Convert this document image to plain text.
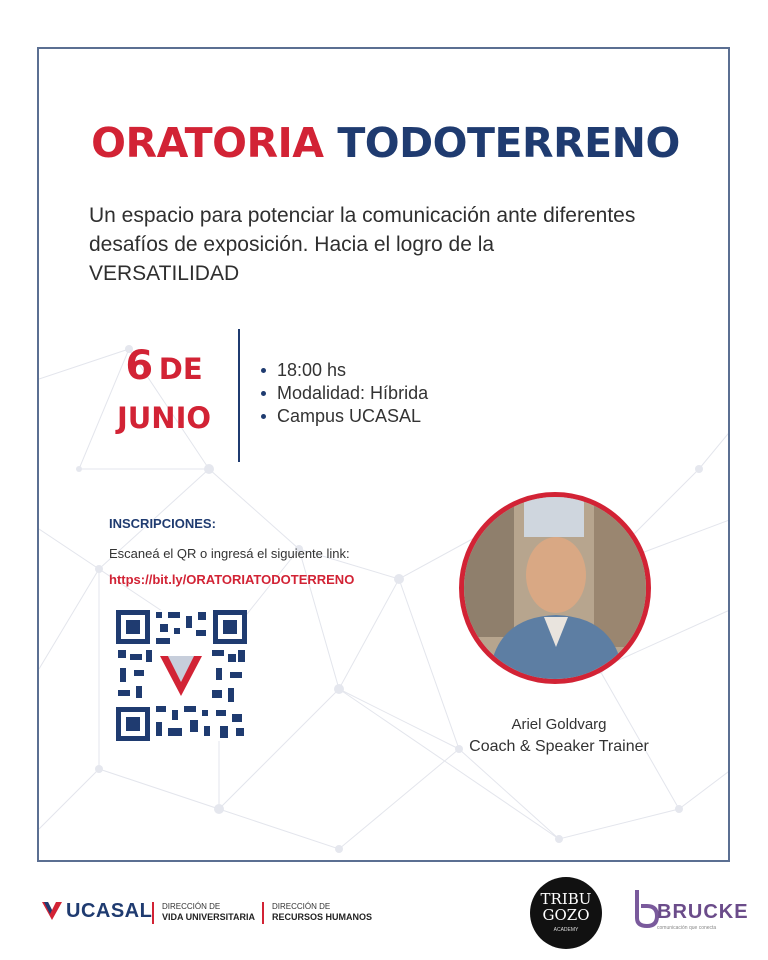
ORATORIA TODOTERRENO
Un espacio para potenciar la comunicación ante diferentes desafíos de exposición. Hacia el logro de la VERSATILIDAD
6 DE
JUNIO
18:00 hs
Modalidad: Híbrida
Campus UCASAL
INSCRIPCIONES:
Escaneá el QR o ingresá el siguiente link:
https://bit.ly/ORATORIATODOTERRENO
Ariel Goldvarg
Coach & Speaker Trainer
UCASAL DIRECCIÓN DE
VIDA UNIVERSITARIA
DIRECCIÓN DE
RECURSOS HUMANOS
TRIBU
GOZO
ACADEMY
BRUCKE
comunicación que conecta
